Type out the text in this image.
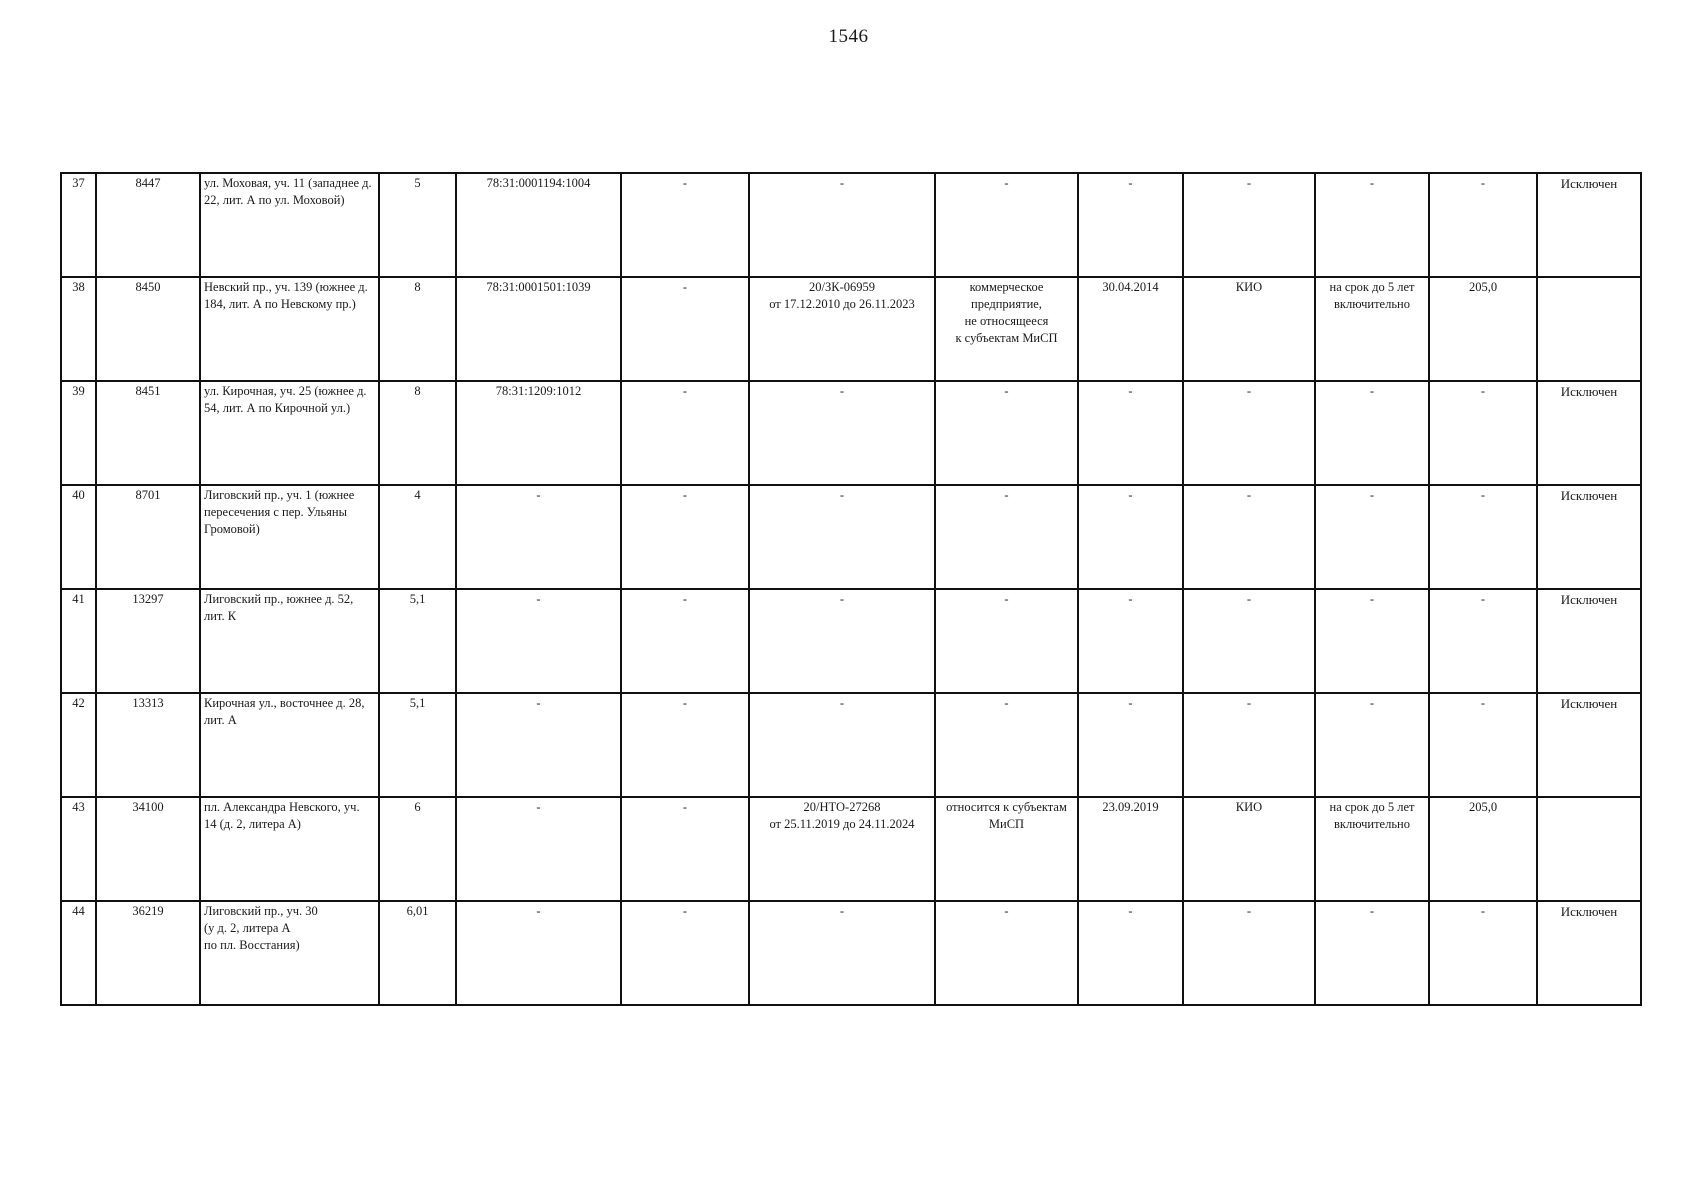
1546
37	8447	ул. Моховая, уч. 11 (западнее д. 22, лит. А по ул. Моховой)	5	78:31:0001194:1004	-	-	-	-	-	-	-	Исключен
38	8450	Невский пр., уч. 139 (южнее д. 184, лит. А по Невскому пр.)	8	78:31:0001501:1039	-	20/ЗК-06959
от 17.12.2010 до 26.11.2023	коммерческое предприятие,
не относящееся
к субъектам МиСП	30.04.2014	КИО	на срок до 5 лет включительно	205,0	
39	8451	ул. Кирочная, уч. 25 (южнее д. 54, лит. А по Кирочной ул.)	8	78:31:1209:1012	-	-	-	-	-	-	-	Исключен
40	8701	Лиговский пр., уч. 1 (южнее пересечения с пер. Ульяны Громовой)	4	-	-	-	-	-	-	-	-	Исключен
41	13297	Лиговский пр., южнее д. 52, лит. К	5,1	-	-	-	-	-	-	-	-	Исключен
42	13313	Кирочная ул., восточнее д. 28, лит. А	5,1	-	-	-	-	-	-	-	-	Исключен
43	34100	пл. Александра Невского, уч. 14 (д. 2, литера А)	6	-	-	20/НТО-27268
от 25.11.2019 до 24.11.2024	относится к субъектам МиСП	23.09.2019	КИО	на срок до 5 лет включительно	205,0	
44	36219	Лиговский пр., уч. 30
(у д. 2, литера А
по пл. Восстания)	6,01	-	-	-	-	-	-	-	-	Исключен
